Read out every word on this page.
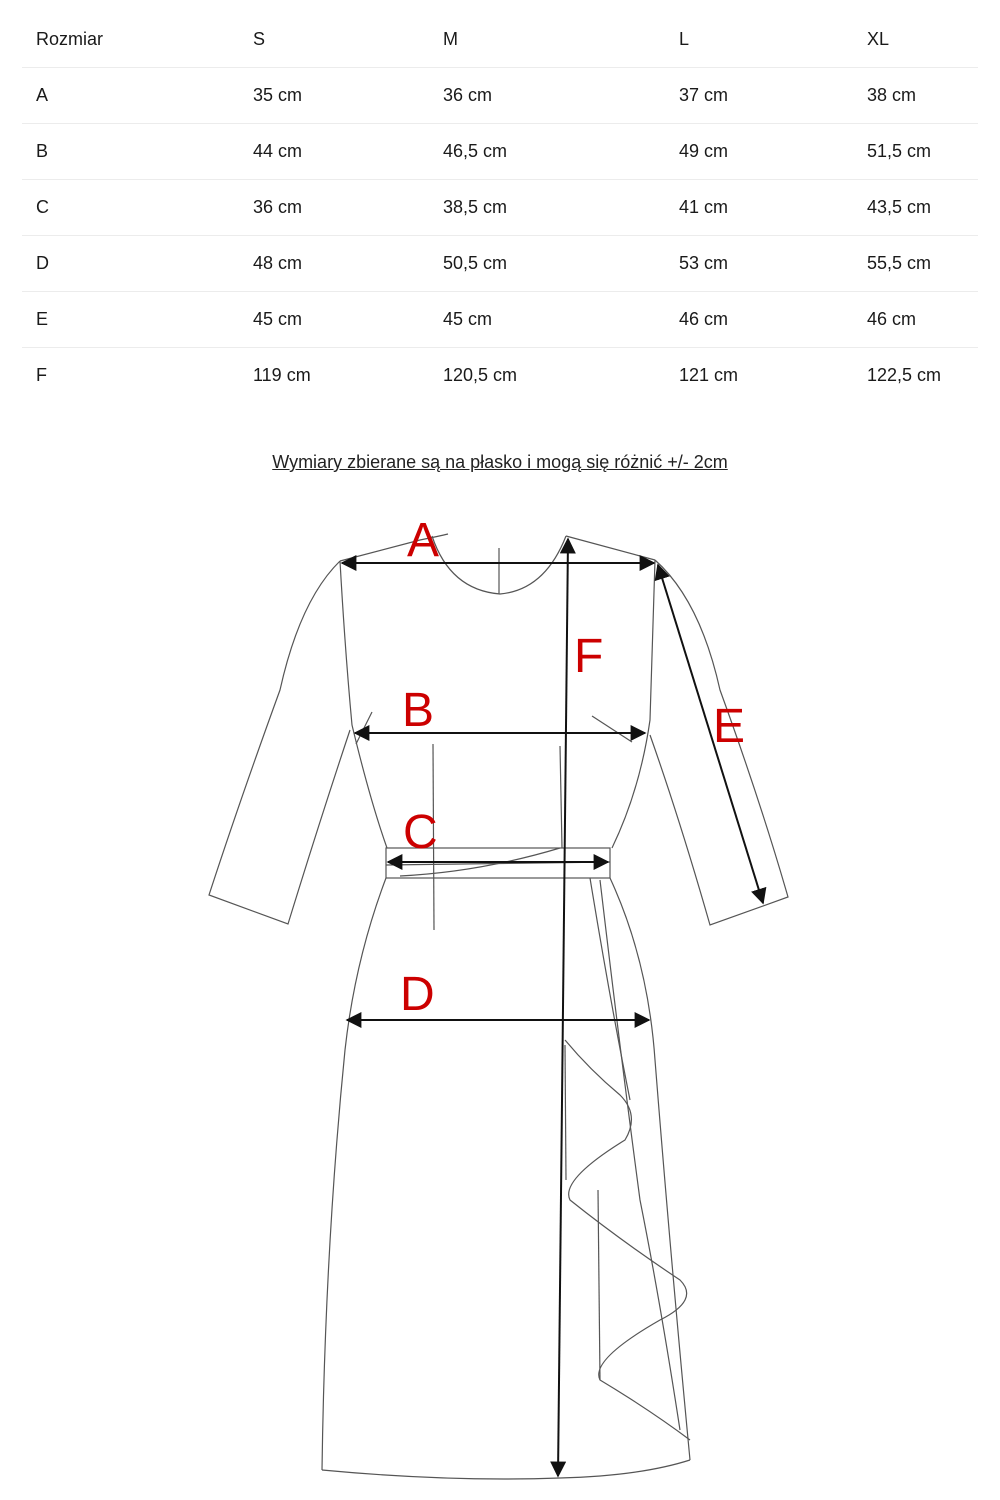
Rozmiar	S	M	L	XL
A	35 cm	36 cm	37 cm	38 cm
B	44 cm	46,5 cm	49 cm	51,5 cm
C	36 cm	38,5 cm	41 cm	43,5 cm
D	48 cm	50,5 cm	53 cm	55,5 cm
E	45 cm	45 cm	46 cm	46 cm
F	119 cm	120,5 cm	121 cm	122,5 cm
Wymiary zbierane są na płasko i mogą się różnić +/- 2cm
A
B
C
D
E
F
